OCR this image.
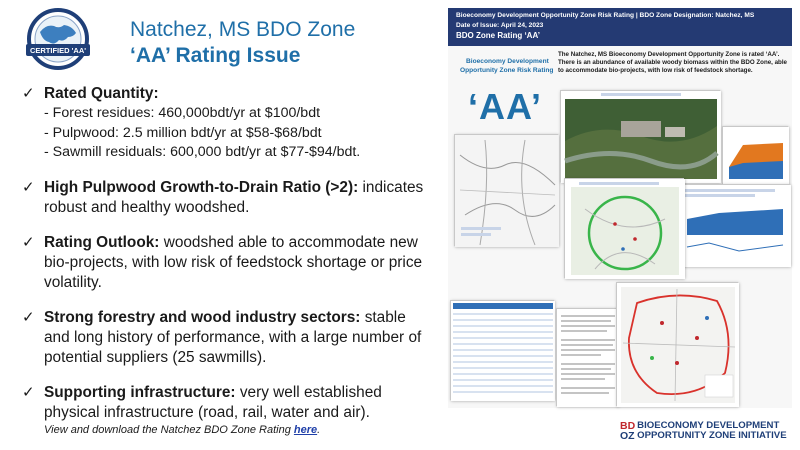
CERTIFIED 'AA'
Natchez, MS BDO Zone
‘AA’ Rating Issue
✓ Rated Quantity:
- Forest residues: 460,000bdt/yr at $100/bdt
- Pulpwood: 2.5 million bdt/yr at $58-$68/bdt
- Sawmill residuals: 600,000 bdt/yr at $77-$94/bdt.
✓ High Pulpwood Growth-to-Drain Ratio (>2): indicates robust and healthy woodshed.
✓ Rating Outlook: woodshed able to accommodate new bio-projects, with low risk of feedstock shortage or price volatility.
✓ Strong forestry and wood industry sectors: stable and long history of performance, with a large number of potential suppliers (25 sawmills).
✓ Supporting infrastructure: very well established physical infrastructure (road, rail, water and air).
View and download the Natchez BDO Zone Rating here.
Bioeconomy Development Opportunity Zone Risk Rating | BDO Zone Designation: Natchez, MS
Date of Issue: April 24, 2023
BDO Zone Rating ‘AA’
Bioeconomy Development
Opportunity Zone Risk Rating
The Natchez, MS Bioeconomy Development Opportunity Zone is rated ‘AA’. There is an abundance of available woody biomass within the BDO Zone, able to accommodate bio-projects, with low risk of feedstock shortage.
‘AA’
BD
OZ
BIOECONOMY DEVELOPMENT
OPPORTUNITY ZONE INITIATIVE
